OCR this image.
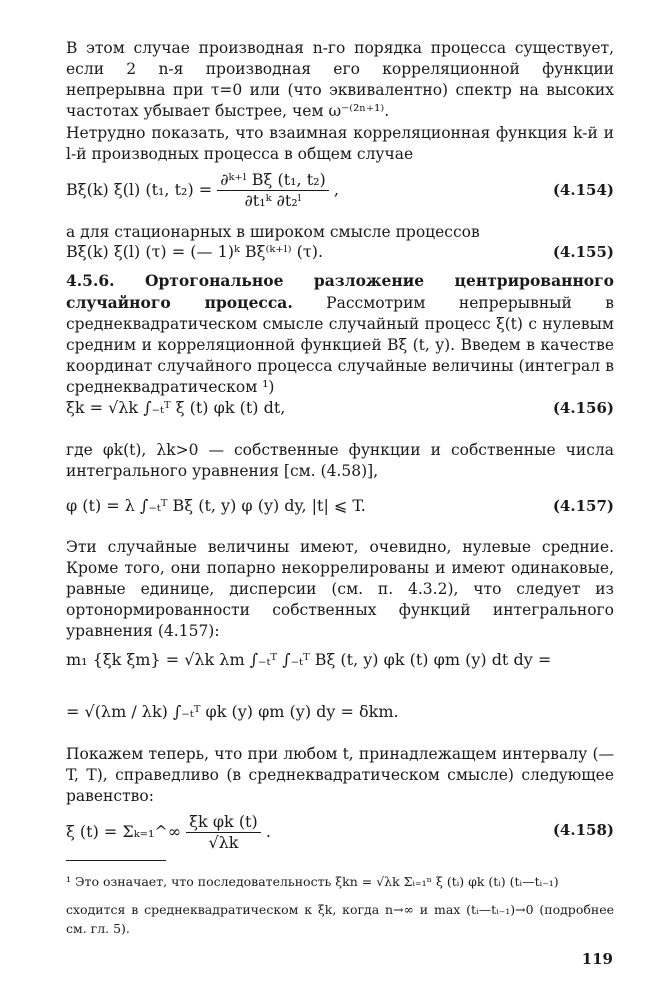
В этом случае производная n-го порядка процесса существует, если 2 n-я производная его корреляционной функции непрерывна при τ=0 или (что эквивалентно) спектр на высоких частотах убывает быстрее, чем ω⁻⁽²ⁿ⁺¹⁾.

Нетрудно показать, что взаимная корреляционная функция k-й и l-й производных процесса в общем случае

Bξ(k) ξ(l) (t₁, $t_2) = \frac{\text{∂ᵏ⁺ˡ Bξ (t₁, t₂)}}{\text{∂t₁ᵏ ∂t₂ˡ}}$ ,	(4.154)

а для стационарных в широком смысле процессов

Bξ(k) ξ(l) (τ) = (— 1)ᵏ Bξ⁽ᵏ⁺ˡ⁾ (τ).	(4.155)

4.5.6. Ортогональное разложение центрированного случайного процесса. Рассмотрим непрерывный в среднеквадратическом смысле случайный процесс ξ(t) с нулевым средним и корреляционной функцией Bξ (t, y). Введем в качестве координат случайного процесса случайные величины (интеграл в среднеквадратическом ¹)

ξk = √λk ∫₋ₜᵀ ξ (t) φk (t) dt,	(4.156)

где φk(t), λk>0 — собственные функции и собственные числа интегрального уравнения [см. (4.58)],

φ (t) = λ ∫₋ₜᵀ Bξ (t, y) φ (y) dy, |t| ⩽ T.	(4.157)

Эти случайные величины имеют, очевидно, нулевые средние. Кроме того, они попарно некоррелированы и имеют одинаковые, равные единице, дисперсии (см. п. 4.3.2), что следует из ортонормированности собственных функций интегрального уравнения (4.157):

m₁ {ξk ξm} = √λk λm ∫₋ₜᵀ ∫₋ₜᵀ Bξ (t, y) φk (t) φm (y) dt dy =
= √(λm / λk) ∫₋ₜᵀ φk (y) φm (y) dy = δkm.

Покажем теперь, что при любом t, принадлежащем интервалу (—T, T), справедливо (в среднеквадратическом смысле) следующее равенство:

ξ (t) = Σₖ₌₁^∞ $\frac{\text{ξk φk (t)}}{√\lambda k}$ .	(4.158)
¹ Это означает, что последовательность ξkn = √λk Σᵢ₌₁ⁿ ξ (tᵢ) φk (tᵢ) (tᵢ—tᵢ₋₁)
сходится в среднеквадратическом к ξk, когда n→∞ и max (tᵢ—tᵢ₋₁)→0 (подробнее см. гл. 5).
119
